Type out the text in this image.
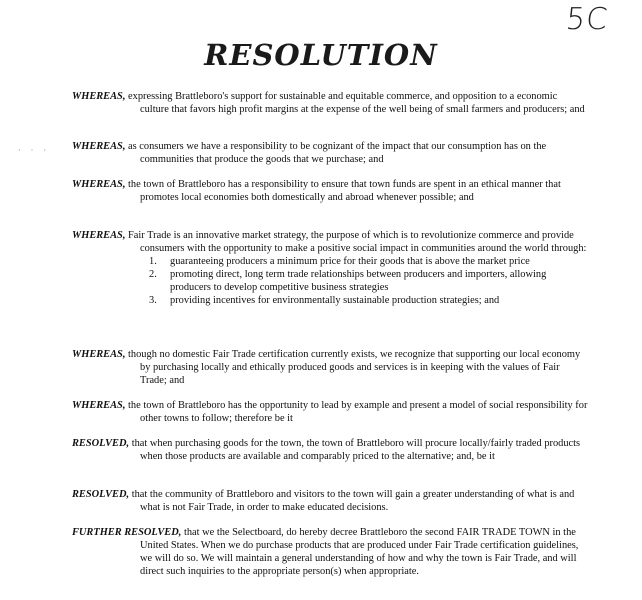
5C
RESOLUTION
· · ·

WHEREAS, expressing Brattleboro's support for sustainable and equitable commerce, and opposition to a economic culture that favors high profit margins at the expense of the well being of small farmers and producers; and

WHEREAS, as consumers we have a responsibility to be cognizant of the impact that our consumption has on the communities that produce the goods that we purchase; and

WHEREAS, the town of Brattleboro has a responsibility to ensure that town funds are spent in an ethical manner that promotes local economies both domestically and abroad whenever possible; and

WHEREAS, Fair Trade is an innovative market strategy, the purpose of which is to revolutionize commerce and provide consumers with the opportunity to make a positive social impact in communities around the world through:

1. guaranteeing producers a minimum price for their goods that is above the market price
2. promoting direct, long term trade relationships between producers and importers, allowing producers to develop competitive business strategies
3. providing incentives for environmentally sustainable production strategies; and

WHEREAS, though no domestic Fair Trade certification currently exists, we recognize that supporting our local economy by purchasing locally and ethically produced goods and services is in keeping with the values of Fair Trade; and

WHEREAS, the town of Brattleboro has the opportunity to lead by example and present a model of social responsibility for other towns to follow; therefore be it

RESOLVED, that when purchasing goods for the town, the town of Brattleboro will procure locally/fairly traded products when those products are available and comparably priced to the alternative; and, be it

RESOLVED, that the community of Brattleboro and visitors to the town will gain a greater understanding of what is and what is not Fair Trade, in order to make educated decisions.

FURTHER RESOLVED, that we the Selectboard, do hereby decree Brattleboro the second FAIR TRADE TOWN in the United States. When we do purchase products that are produced under Fair Trade certification guidelines, we will do so. We will maintain a general understanding of how and why the town is Fair Trade, and will direct such inquiries to the appropriate person(s) when appropriate.
